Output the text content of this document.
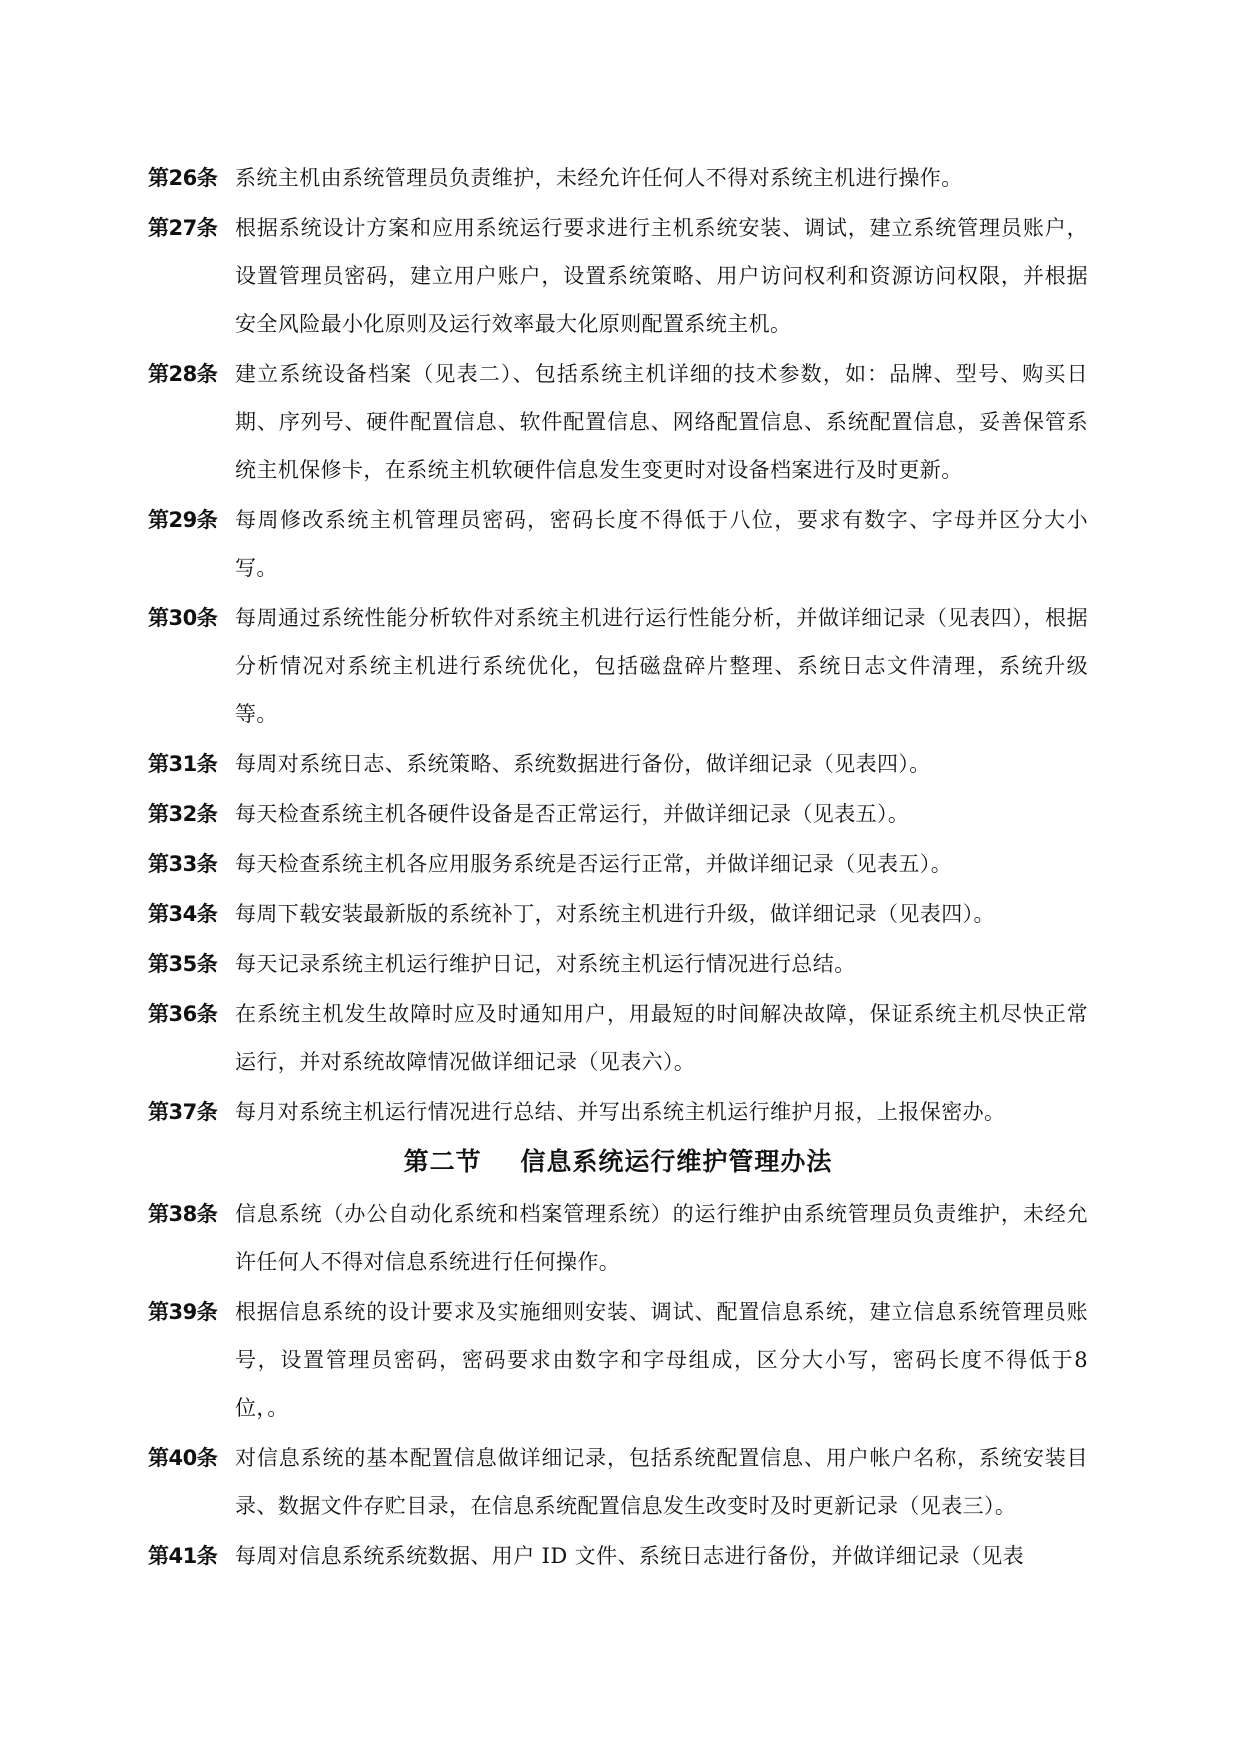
第26条 系统主机由系统管理员负责维护，未经允许任何人不得对系统主机进行操作。
第27条 根据系统设计方案和应用系统运行要求进行主机系统安装、调试，建立系统管理员账户，设置管理员密码，建立用户账户，设置系统策略、用户访问权利和资源访问权限，并根据安全风险最小化原则及运行效率最大化原则配置系统主机。
第28条 建立系统设备档案（见表二）、包括系统主机详细的技术参数，如：品牌、型号、购买日期、序列号、硬件配置信息、软件配置信息、网络配置信息、系统配置信息，妥善保管系统主机保修卡，在系统主机软硬件信息发生变更时对设备档案进行及时更新。
第29条 每周修改系统主机管理员密码，密码长度不得低于八位，要求有数字、字母并区分大小写。
第30条 每周通过系统性能分析软件对系统主机进行运行性能分析，并做详细记录（见表四），根据分析情况对系统主机进行系统优化，包括磁盘碎片整理、系统日志文件清理，系统升级等。
第31条 每周对系统日志、系统策略、系统数据进行备份，做详细记录（见表四）。
第32条 每天检查系统主机各硬件设备是否正常运行，并做详细记录（见表五）。
第33条 每天检查系统主机各应用服务系统是否运行正常，并做详细记录（见表五）。
第34条 每周下载安装最新版的系统补丁，对系统主机进行升级，做详细记录（见表四）。
第35条 每天记录系统主机运行维护日记，对系统主机运行情况进行总结。
第36条 在系统主机发生故障时应及时通知用户，用最短的时间解决故障，保证系统主机尽快正常运行，并对系统故障情况做详细记录（见表六）。
第37条 每月对系统主机运行情况进行总结、并写出系统主机运行维护月报，上报保密办。
第二节    信息系统运行维护管理办法
第38条 信息系统（办公自动化系统和档案管理系统）的运行维护由系统管理员负责维护，未经允许任何人不得对信息系统进行任何操作。
第39条 根据信息系统的设计要求及实施细则安装、调试、配置信息系统，建立信息系统管理员账号，设置管理员密码，密码要求由数字和字母组成，区分大小写，密码长度不得低于8位，。
第40条 对信息系统的基本配置信息做详细记录，包括系统配置信息、用户帐户名称，系统安装目录、数据文件存贮目录，在信息系统配置信息发生改变时及时更新记录（见表三）。
第41条 每周对信息系统系统数据、用户 ID 文件、系统日志进行备份，并做详细记录（见表
